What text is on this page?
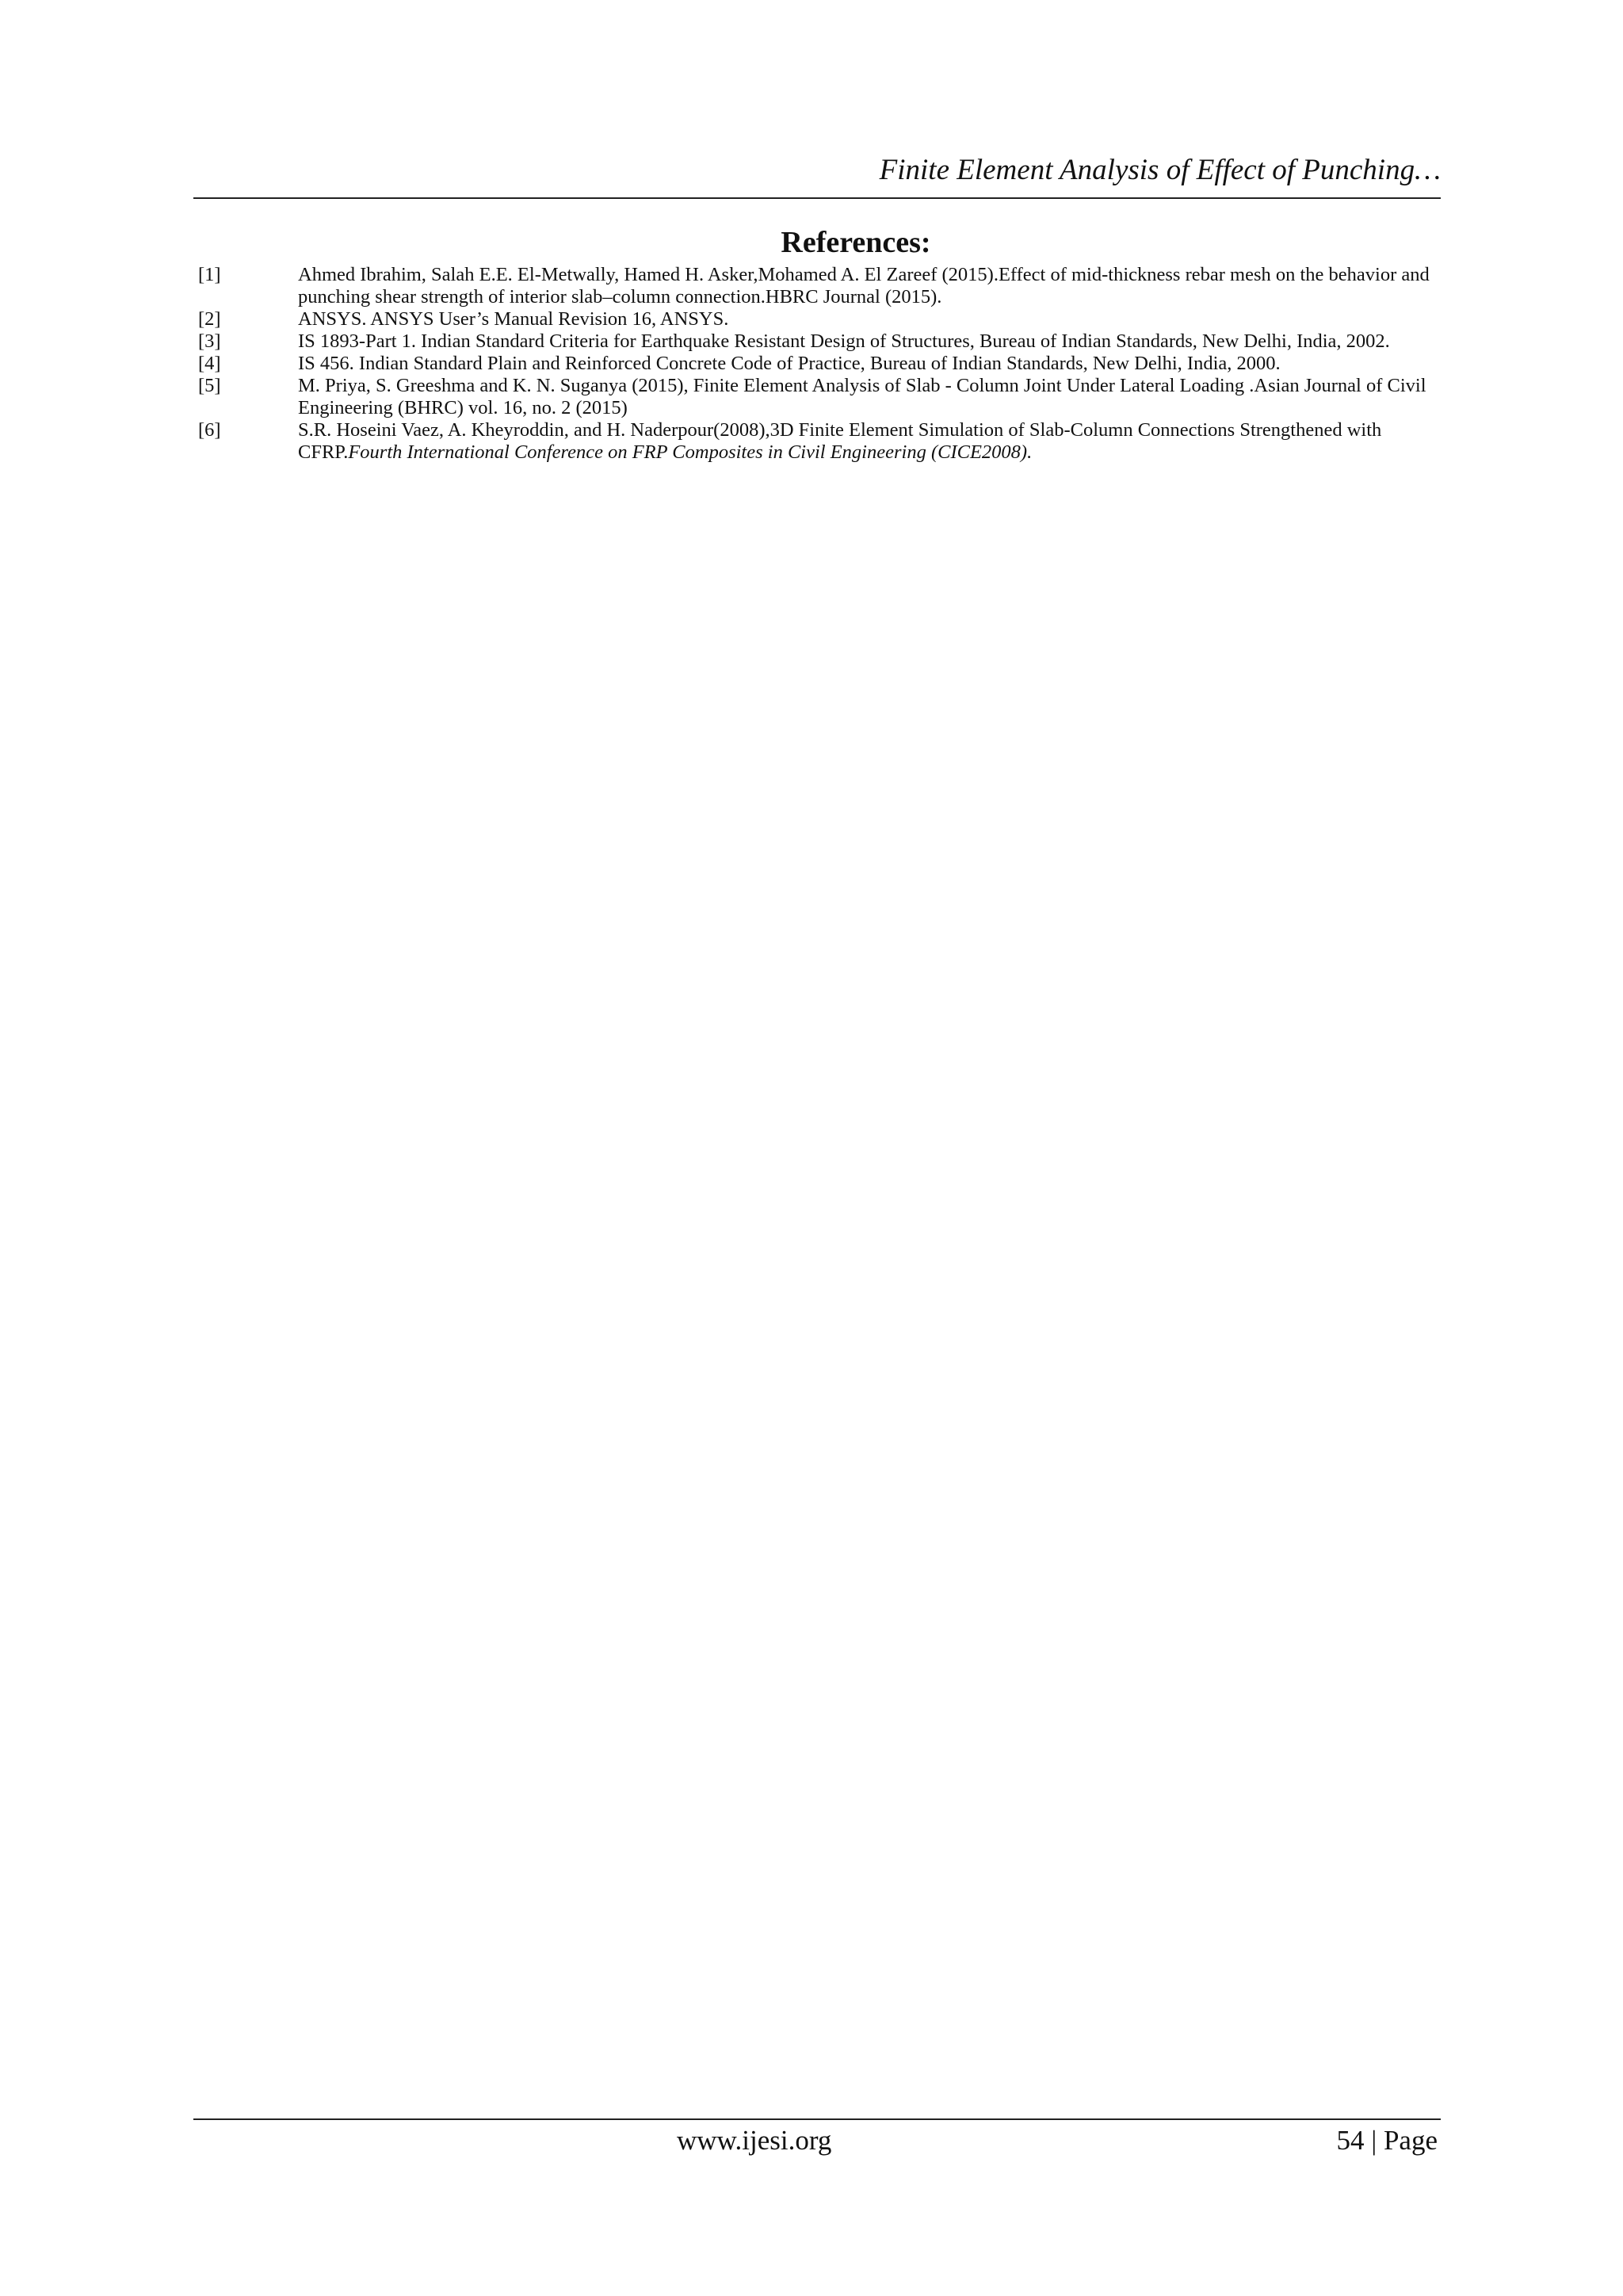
Finite Element Analysis of Effect of Punching…
References:
[1]	Ahmed Ibrahim, Salah E.E. El-Metwally, Hamed H. Asker,Mohamed A. El Zareef (2015).Effect of mid-thickness rebar mesh on the behavior and punching shear strength of interior slab–column connection.HBRC Journal (2015).
[2]	ANSYS. ANSYS User’s Manual Revision 16, ANSYS.
[3]	IS 1893-Part 1. Indian Standard Criteria for Earthquake Resistant Design of Structures, Bureau of Indian Standards, New Delhi, India, 2002.
[4]	IS 456. Indian Standard Plain and Reinforced Concrete Code of Practice, Bureau of Indian Standards, New Delhi, India, 2000.
[5]	M. Priya, S. Greeshma and K. N. Suganya (2015), Finite Element Analysis of Slab - Column Joint Under Lateral Loading .Asian Journal of Civil Engineering (BHRC) vol. 16, no. 2 (2015)
[6]	S.R. Hoseini Vaez, A. Kheyroddin, and H. Naderpour(2008),3D Finite Element Simulation of Slab-Column Connections Strengthened with CFRP.Fourth International Conference on FRP Composites in Civil Engineering (CICE2008).
www.ijesi.org	54 | Page
